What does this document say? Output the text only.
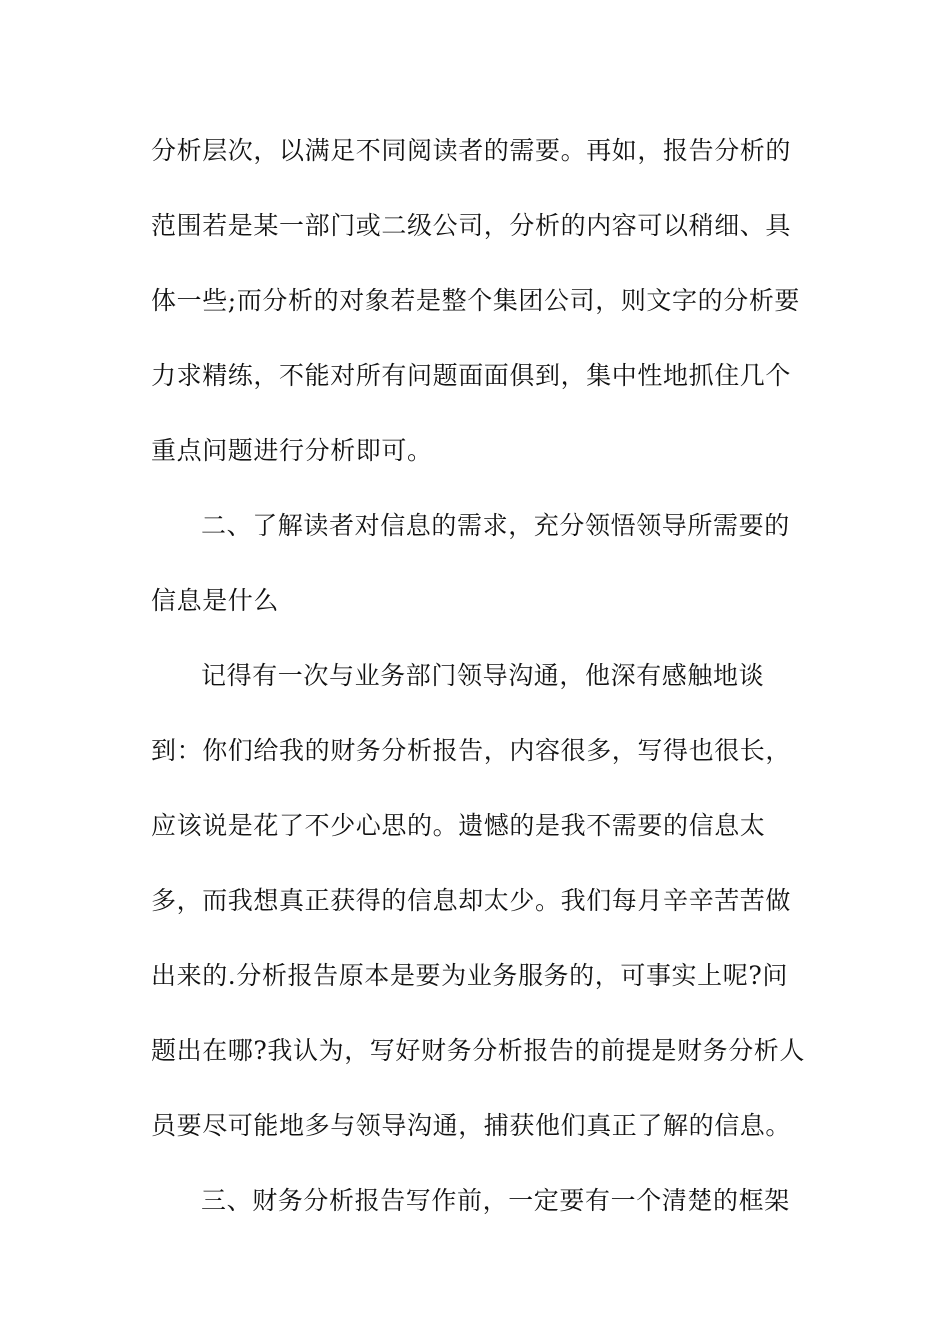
分析层次，以满足不同阅读者的需要。再如，报告分析的
范围若是某一部门或二级公司，分析的内容可以稍细、具
体一些;而分析的对象若是整个集团公司，则文字的分析要
力求精练，不能对所有问题面面俱到，集中性地抓住几个
重点问题进行分析即可。
二、了解读者对信息的需求，充分领悟领导所需要的
信息是什么
记得有一次与业务部门领导沟通，他深有感触地谈
到：你们给我的财务分析报告，内容很多，写得也很长，
应该说是花了不少心思的。遗憾的是我不需要的信息太
多，而我想真正获得的信息却太少。我们每月辛辛苦苦做
出来的.分析报告原本是要为业务服务的，可事实上呢?问
题出在哪?我认为，写好财务分析报告的前提是财务分析人
员要尽可能地多与领导沟通，捕获他们真正了解的信息。
三、财务分析报告写作前，一定要有一个清楚的框架
